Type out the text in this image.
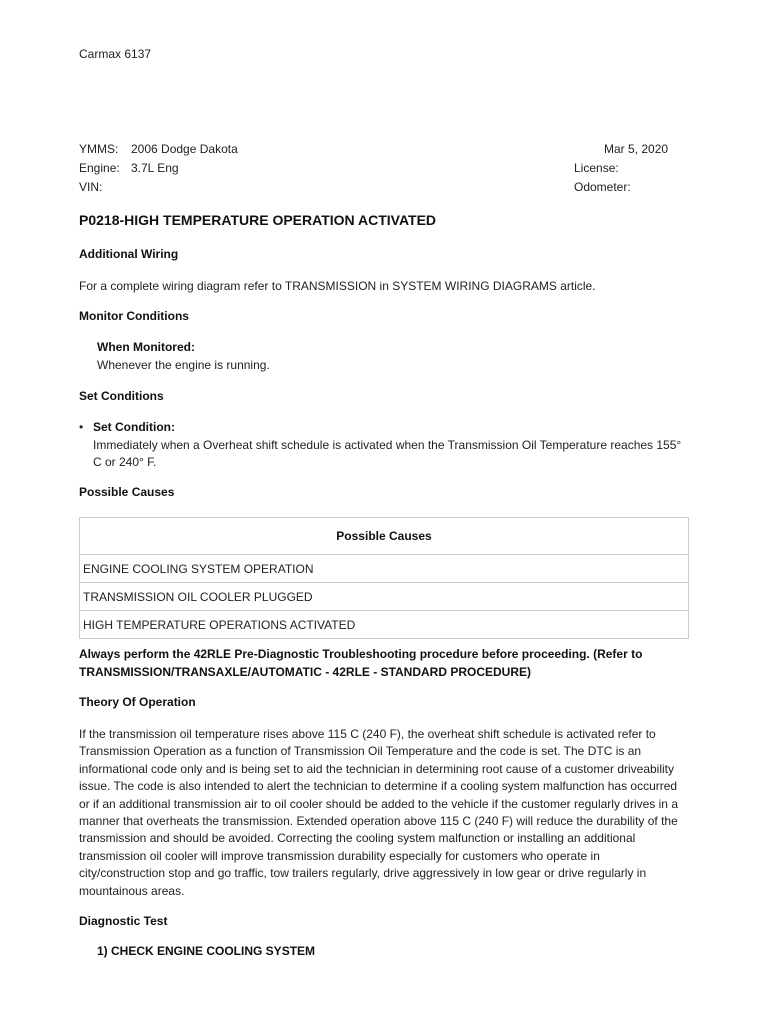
Carmax 6137
YMMS: 2006 Dodge Dakota
Engine: 3.7L Eng
VIN:
Mar 5, 2020
License:
Odometer:
P0218-HIGH TEMPERATURE OPERATION ACTIVATED
Additional Wiring
For a complete wiring diagram refer to TRANSMISSION in SYSTEM WIRING DIAGRAMS article.
Monitor Conditions
When Monitored:
Whenever the engine is running.
Set Conditions
• Set Condition:
Immediately when a Overheat shift schedule is activated when the Transmission Oil Temperature reaches 155° C or 240° F.
Possible Causes
Possible Causes
ENGINE COOLING SYSTEM OPERATION
TRANSMISSION OIL COOLER PLUGGED
HIGH TEMPERATURE OPERATIONS ACTIVATED
Always perform the 42RLE Pre-Diagnostic Troubleshooting procedure before proceeding. (Refer to TRANSMISSION/TRANSAXLE/AUTOMATIC - 42RLE - STANDARD PROCEDURE)
Theory Of Operation
If the transmission oil temperature rises above 115 C (240 F), the overheat shift schedule is activated refer to Transmission Operation as a function of Transmission Oil Temperature and the code is set. The DTC is an informational code only and is being set to aid the technician in determining root cause of a customer driveability issue. The code is also intended to alert the technician to determine if a cooling system malfunction has occurred or if an additional transmission air to oil cooler should be added to the vehicle if the customer regularly drives in a manner that overheats the transmission. Extended operation above 115 C (240 F) will reduce the durability of the transmission and should be avoided. Correcting the cooling system malfunction or installing an additional transmission oil cooler will improve transmission durability especially for customers who operate in city/construction stop and go traffic, tow trailers regularly, drive aggressively in low gear or drive regularly in mountainous areas.
Diagnostic Test
1) CHECK ENGINE COOLING SYSTEM
